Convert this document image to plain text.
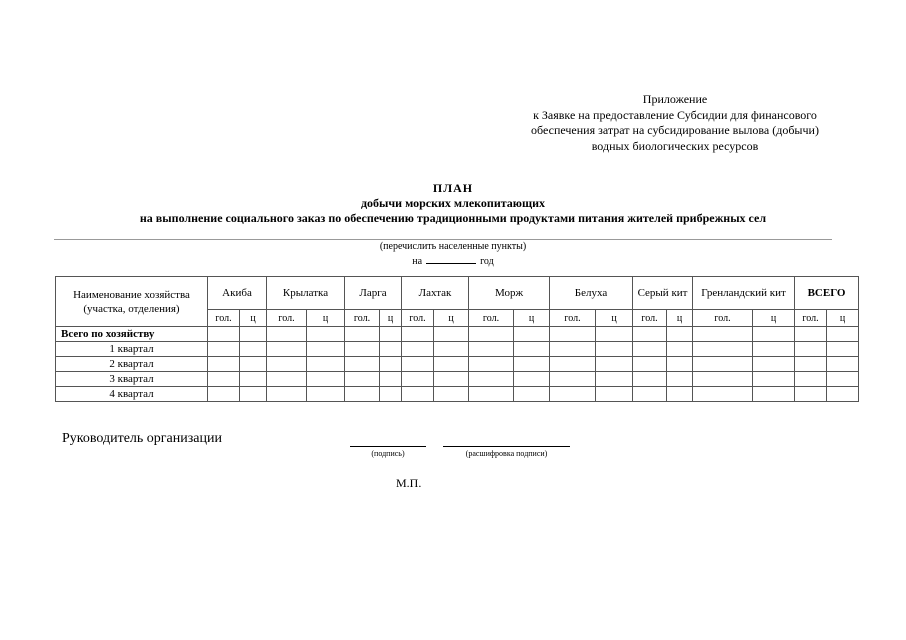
Приложение
к Заявке на предоставление Субсидии для финансового
обеспечения затрат на субсидирование вылова (добычи)
водных биологических ресурсов
ПЛАН
добычи морских млекопитающих
на выполнение социального заказ по обеспечению традиционными продуктами питания жителей прибрежных сел
(перечислить населенные пункты)
на	год
Наименование хозяйства (участка, отделения)	Акиба		Крылатка		Ларга		Лахтак		Морж		Белуха		Серый кит		Гренландский кит		ВСЕГО	
	гол.	ц	гол.	ц	гол.	ц	гол.	ц	гол.	ц	гол.	ц	гол.	ц	гол.	ц	гол.	ц
Всего по хозяйству																		
1 квартал																		
2 квартал																		
3 квартал																		
4 квартал																		
Руководитель организации
(подпись)	(расшифровка подписи)
М.П.
